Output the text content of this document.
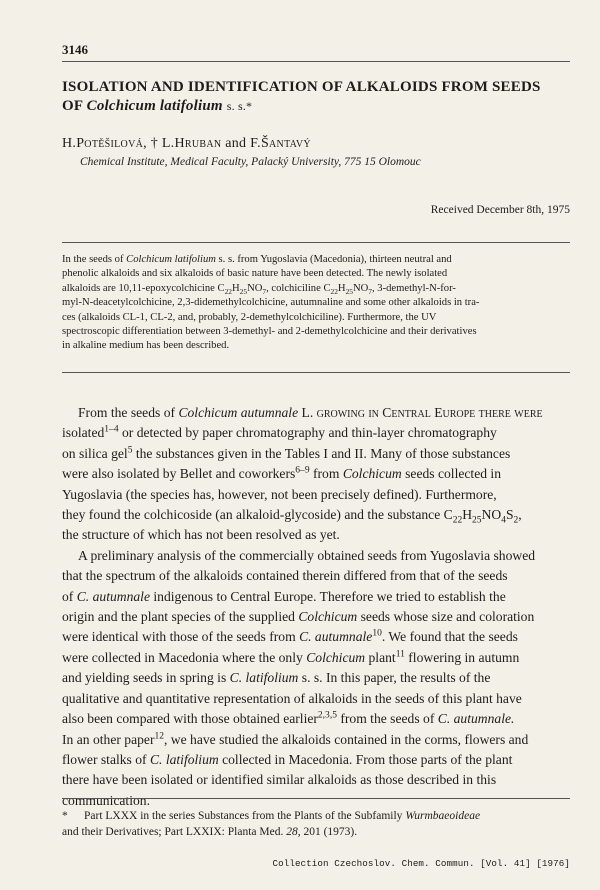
3146
ISOLATION AND IDENTIFICATION OF ALKALOIDS FROM SEEDS
OF Colchicum latifolium s. s.*
H.Potěšilová, † L.Hruban and F.Šantavý
Chemical Institute, Medical Faculty, Palacký University, 775 15 Olomouc
Received December 8th, 1975
In the seeds of Colchicum latifolium s. s. from Yugoslavia (Macedonia), thirteen neutral and
phenolic alkaloids and six alkaloids of basic nature have been detected. The newly isolated
alkaloids are 10,11-epoxycolchicine $C_{22}H_{25}NO_7$, colchiciline $C_{22}H_{25}NO_7$, 3-demethyl-N-for-
myl-N-deacetylcolchicine, 2,3-didemethylcolchicine, autumnaline and some other alkaloids in tra-
ces (alkaloids CL-1, CL-2, and, probably, 2-demethylcolchiciline). Furthermore, the UV
spectroscopic differentiation between 3-demethyl- and 2-demethylcolchicine and their derivatives
in alkaline medium has been described.
From the seeds of Colchicum autumnale L. growing in Central Europe there were
isolated$^{1-4}$ or detected by paper chromatography and thin-layer chromatography
on silica gel$^5$ the substances given in the Tables I and II. Many of those substances
were also isolated by Bellet and coworkers$^{6-9}$ from Colchicum seeds collected in
Yugoslavia (the species has, however, not been precisely defined). Furthermore,
they found the colchicoside (an alkaloid-glycoside) and the substance $C_{22}H_{25}NO_4S_2$,
the structure of which has not been resolved as yet.
A preliminary analysis of the commercially obtained seeds from Yugoslavia showed
that the spectrum of the alkaloids contained therein differed from that of the seeds
of C. autumnale indigenous to Central Europe. Therefore we tried to establish the
origin and the plant species of the supplied Colchicum seeds whose size and coloration
were identical with those of the seeds from C. autumnale$^{10}$. We found that the seeds
were collected in Macedonia where the only Colchicum plant$^{11}$ flowering in autumn
and yielding seeds in spring is C. latifolium s. s. In this paper, the results of the
qualitative and quantitative representation of alkaloids in the seeds of this plant have
also been compared with those obtained earlier$^{2,3,5}$ from the seeds of C. autumnale.
In an other paper$^{12}$, we have studied the alkaloids contained in the corms, flowers and
flower stalks of C. latifolium collected in Macedonia. From those parts of the plant
there have been isolated or identified similar alkaloids as those described in this
communication.
* Part LXXX in the series Substances from the Plants of the Subfamily Wurmbaeoideae
and their Derivatives; Part LXXIX: Planta Med. 28, 201 (1973).
Collection Czechoslov. Chem. Commun. [Vol. 41] [1976]
